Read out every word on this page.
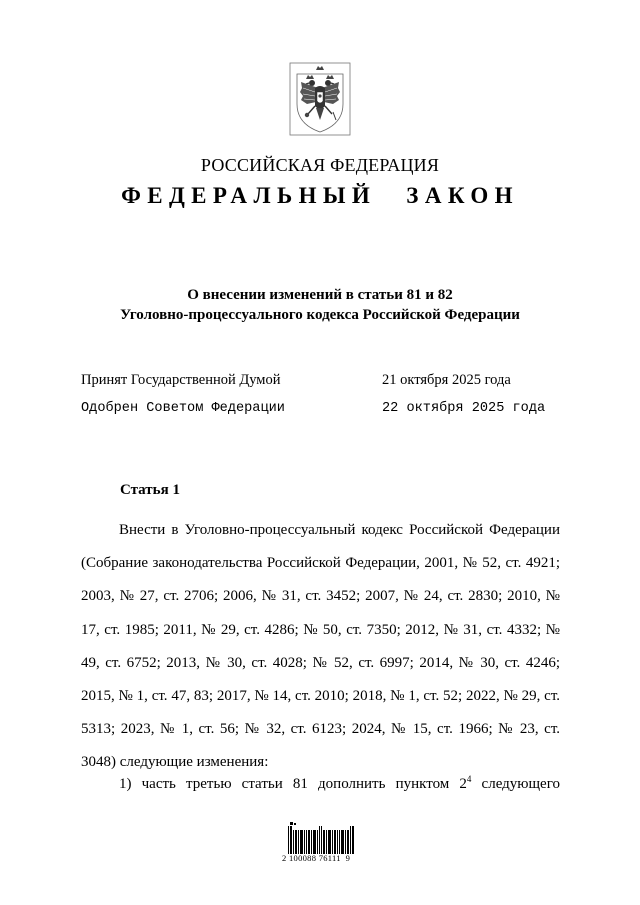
РОССИЙСКАЯ ФЕДЕРАЦИЯ
ФЕДЕРАЛЬНЫЙ ЗАКОН
О внесении изменений в статьи 81 и 82
Уголовно-процессуального кодекса Российской Федерации
Принят Государственной Думой	21 октября 2025 года
Одобрен Советом Федерации	22 октября 2025 года
Статья 1

Внести в Уголовно-процессуальный кодекс Российской Федерации (Собрание законодательства Российской Федерации, 2001, № 52, ст. 4921; 2003, № 27, ст. 2706; 2006, № 31, ст. 3452; 2007, № 24, ст. 2830; 2010, № 17, ст. 1985; 2011, № 29, ст. 4286; № 50, ст. 7350; 2012, № 31, ст. 4332; № 49, ст. 6752; 2013, № 30, ст. 4028; № 52, ст. 6997; 2014, № 30, ст. 4246; 2015, № 1, ст. 47, 83; 2017, № 14, ст. 2010; 2018, № 1, ст. 52; 2022, № 29, ст. 5313; 2023, № 1, ст. 56; № 32, ст. 6123; 2024, № 15, ст. 1966; № 23, ст. 3048) следующие изменения:

1) часть третью статьи 81 дополнить пунктом $2^4$ следующего
2 100088 76111  9
